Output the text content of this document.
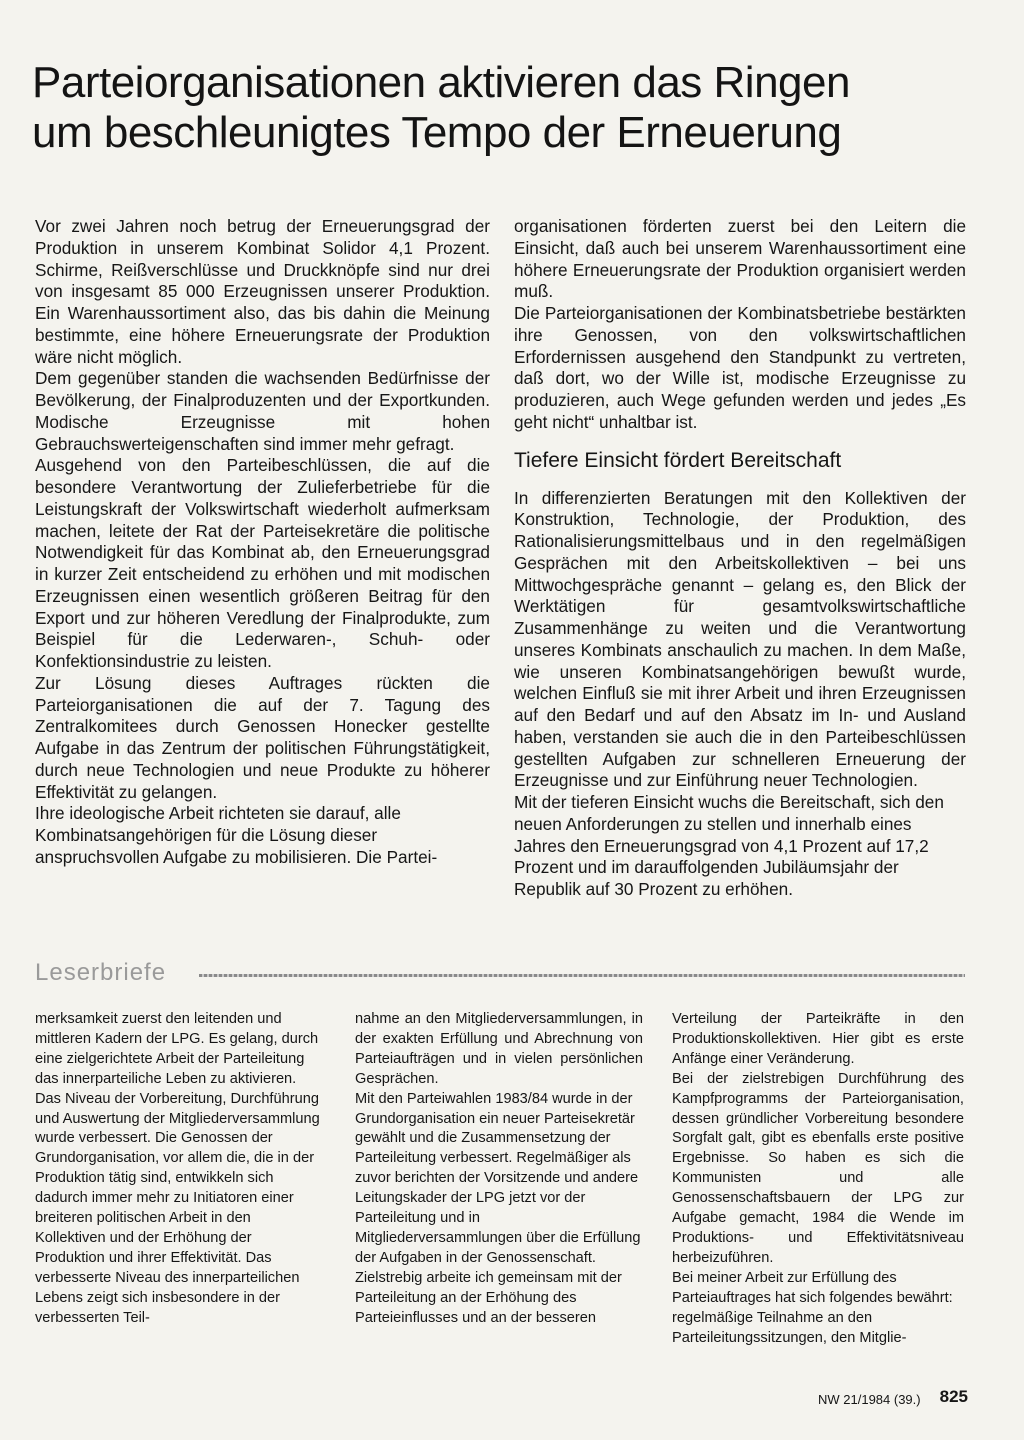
Parteiorganisationen aktivieren das Ringen
um beschleunigtes Tempo der Erneuerung

Vor zwei Jahren noch betrug der Erneuerungsgrad der Produktion in unserem Kombinat Solidor 4,1 Prozent. Schirme, Reißverschlüsse und Druckknöpfe sind nur drei von insgesamt 85 000 Erzeugnissen unserer Produktion. Ein Warenhaussortiment also, das bis dahin die Meinung bestimmte, eine höhere Erneuerungsrate der Produktion wäre nicht möglich.

Dem gegenüber standen die wachsenden Bedürfnisse der Bevölkerung, der Finalproduzenten und der Exportkunden. Modische Erzeugnisse mit hohen Gebrauchswerteigenschaften sind immer mehr gefragt.

Ausgehend von den Parteibeschlüssen, die auf die besondere Verantwortung der Zulieferbetriebe für die Leistungskraft der Volkswirtschaft wiederholt aufmerksam machen, leitete der Rat der Parteisekretäre die politische Notwendigkeit für das Kombinat ab, den Erneuerungsgrad in kurzer Zeit entscheidend zu erhöhen und mit modischen Erzeugnissen einen wesentlich größeren Beitrag für den Export und zur höheren Veredlung der Finalprodukte, zum Beispiel für die Lederwaren-, Schuh- oder Konfektionsindustrie zu leisten.

Zur Lösung dieses Auftrages rückten die Parteiorganisationen die auf der 7. Tagung des Zentralkomitees durch Genossen Honecker gestellte Aufgabe in das Zentrum der politischen Führungstätigkeit, durch neue Technologien und neue Produkte zu höherer Effektivität zu gelangen.

Ihre ideologische Arbeit richteten sie darauf, alle Kombinatsangehörigen für die Lösung dieser anspruchsvollen Aufgabe zu mobilisieren. Die Partei-

organisationen förderten zuerst bei den Leitern die Einsicht, daß auch bei unserem Warenhaussortiment eine höhere Erneuerungsrate der Produktion organisiert werden muß.

Die Parteiorganisationen der Kombinatsbetriebe bestärkten ihre Genossen, von den volkswirtschaftlichen Erfordernissen ausgehend den Standpunkt zu vertreten, daß dort, wo der Wille ist, modische Erzeugnisse zu produzieren, auch Wege gefunden werden und jedes „Es geht nicht“ unhaltbar ist.

Tiefere Einsicht fördert Bereitschaft

In differenzierten Beratungen mit den Kollektiven der Konstruktion, Technologie, der Produktion, des Rationalisierungsmittelbaus und in den regelmäßigen Gesprächen mit den Arbeitskollektiven – bei uns Mittwochgespräche genannt – gelang es, den Blick der Werktätigen für gesamtvolkswirtschaftliche Zusammenhänge zu weiten und die Verantwortung unseres Kombinats anschaulich zu machen. In dem Maße, wie unseren Kombinatsangehörigen bewußt wurde, welchen Einfluß sie mit ihrer Arbeit und ihren Erzeugnissen auf den Bedarf und auf den Absatz im In- und Ausland haben, verstanden sie auch die in den Parteibeschlüssen gestellten Aufgaben zur schnelleren Erneuerung der Erzeugnisse und zur Einführung neuer Technologien.

Mit der tieferen Einsicht wuchs die Bereitschaft, sich den neuen Anforderungen zu stellen und innerhalb eines Jahres den Erneuerungsgrad von 4,1 Prozent auf 17,2 Prozent und im darauffolgenden Jubiläumsjahr der Republik auf 30 Prozent zu erhöhen.

Leserbriefe

merksamkeit zuerst den leitenden und mittleren Kadern der LPG. Es gelang, durch eine zielgerichtete Arbeit der Parteileitung das innerparteiliche Leben zu aktivieren. Das Niveau der Vorbereitung, Durchführung und Auswertung der Mitgliederversammlung wurde verbessert. Die Genossen der Grundorganisation, vor allem die, die in der Produktion tätig sind, entwikkeln sich dadurch immer mehr zu Initiatoren einer breiteren politischen Arbeit in den Kollektiven und der Erhöhung der Produktion und ihrer Effektivität. Das verbesserte Niveau des innerparteilichen Lebens zeigt sich insbesondere in der verbesserten Teil-

nahme an den Mitgliederversammlungen, in der exakten Erfüllung und Abrechnung von Parteiaufträgen und in vielen persönlichen Gesprächen.

Mit den Parteiwahlen 1983/84 wurde in der Grundorganisation ein neuer Parteisekretär gewählt und die Zusammensetzung der Parteileitung verbessert. Regelmäßiger als zuvor berichten der Vorsitzende und andere Leitungskader der LPG jetzt vor der Parteileitung und in Mitgliederversammlungen über die Erfüllung der Aufgaben in der Genossenschaft. Zielstrebig arbeite ich gemeinsam mit der Parteileitung an der Erhöhung des Parteieinflusses und an der besseren

Verteilung der Parteikräfte in den Produktionskollektiven. Hier gibt es erste Anfänge einer Veränderung.

Bei der zielstrebigen Durchführung des Kampfprogramms der Parteiorganisation, dessen gründlicher Vorbereitung besondere Sorgfalt galt, gibt es ebenfalls erste positive Ergebnisse. So haben es sich die Kommunisten und alle Genossenschaftsbauern der LPG zur Aufgabe gemacht, 1984 die Wende im Produktions- und Effektivitätsniveau herbeizuführen.

Bei meiner Arbeit zur Erfüllung des Parteiauftrages hat sich folgendes bewährt: regelmäßige Teilnahme an den Parteileitungssitzungen, den Mitglie-

NW 21/1984 (39.) 825
